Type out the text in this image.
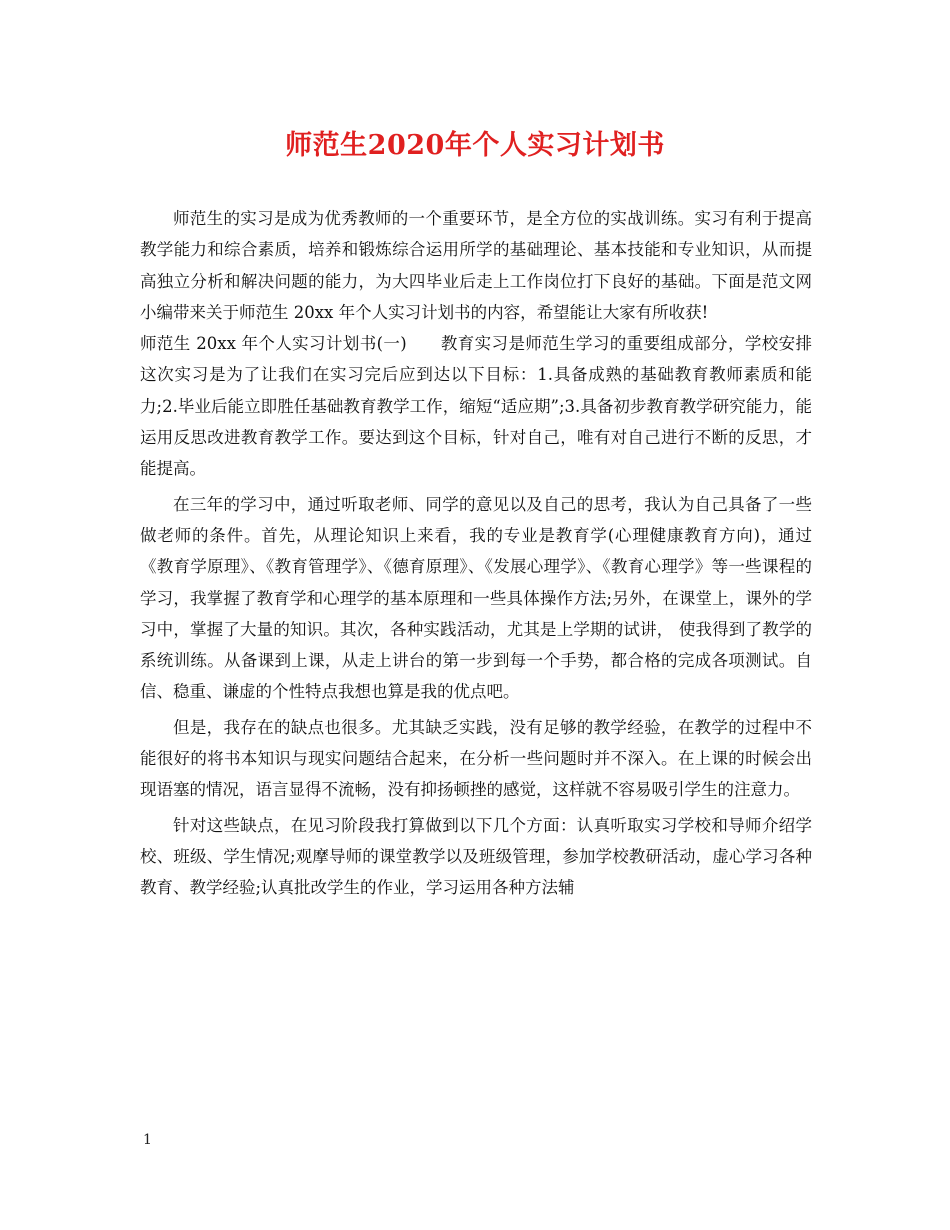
师范生2020年个人实习计划书

师范生的实习是成为优秀教师的一个重要环节，是全方位的实战训练。实习有利于提高教学能力和综合素质，培养和锻炼综合运用所学的基础理论、基本技能和专业知识，从而提高独立分析和解决问题的能力，为大四毕业后走上工作岗位打下良好的基础。下面是范文网小编带来关于师范生 20xx 年个人实习计划书的内容，希望能让大家有所收获!

师范生 20xx 年个人实习计划书(一)　　教育实习是师范生学习的重要组成部分，学校安排这次实习是为了让我们在实习完后应到达以下目标：1.具备成熟的基础教育教师素质和能力;2.毕业后能立即胜任基础教育教学工作，缩短“适应期”;3.具备初步教育教学研究能力，能运用反思改进教育教学工作。要达到这个目标，针对自己，唯有对自己进行不断的反思，才能提高。

在三年的学习中，通过听取老师、同学的意见以及自己的思考，我认为自己具备了一些做老师的条件。首先，从理论知识上来看，我的专业是教育学(心理健康教育方向)，通过《教育学原理》、《教育管理学》、《德育原理》、《发展心理学》、《教育心理学》等一些课程的学习，我掌握了教育学和心理学的基本原理和一些具体操作方法;另外，在课堂上，课外的学习中，掌握了大量的知识。其次，各种实践活动，尤其是上学期的试讲， 使我得到了教学的系统训练。从备课到上课，从走上讲台的第一步到每一个手势，都合格的完成各项测试。自信、稳重、谦虚的个性特点我想也算是我的优点吧。

但是，我存在的缺点也很多。尤其缺乏实践，没有足够的教学经验，在教学的过程中不能很好的将书本知识与现实问题结合起来，在分析一些问题时并不深入。在上课的时候会出现语塞的情况，语言显得不流畅，没有抑扬顿挫的感觉，这样就不容易吸引学生的注意力。

针对这些缺点，在见习阶段我打算做到以下几个方面：认真听取实习学校和导师介绍学校、班级、学生情况;观摩导师的课堂教学以及班级管理，参加学校教研活动，虚心学习各种教育、教学经验;认真批改学生的作业，学习运用各种方法辅

1
